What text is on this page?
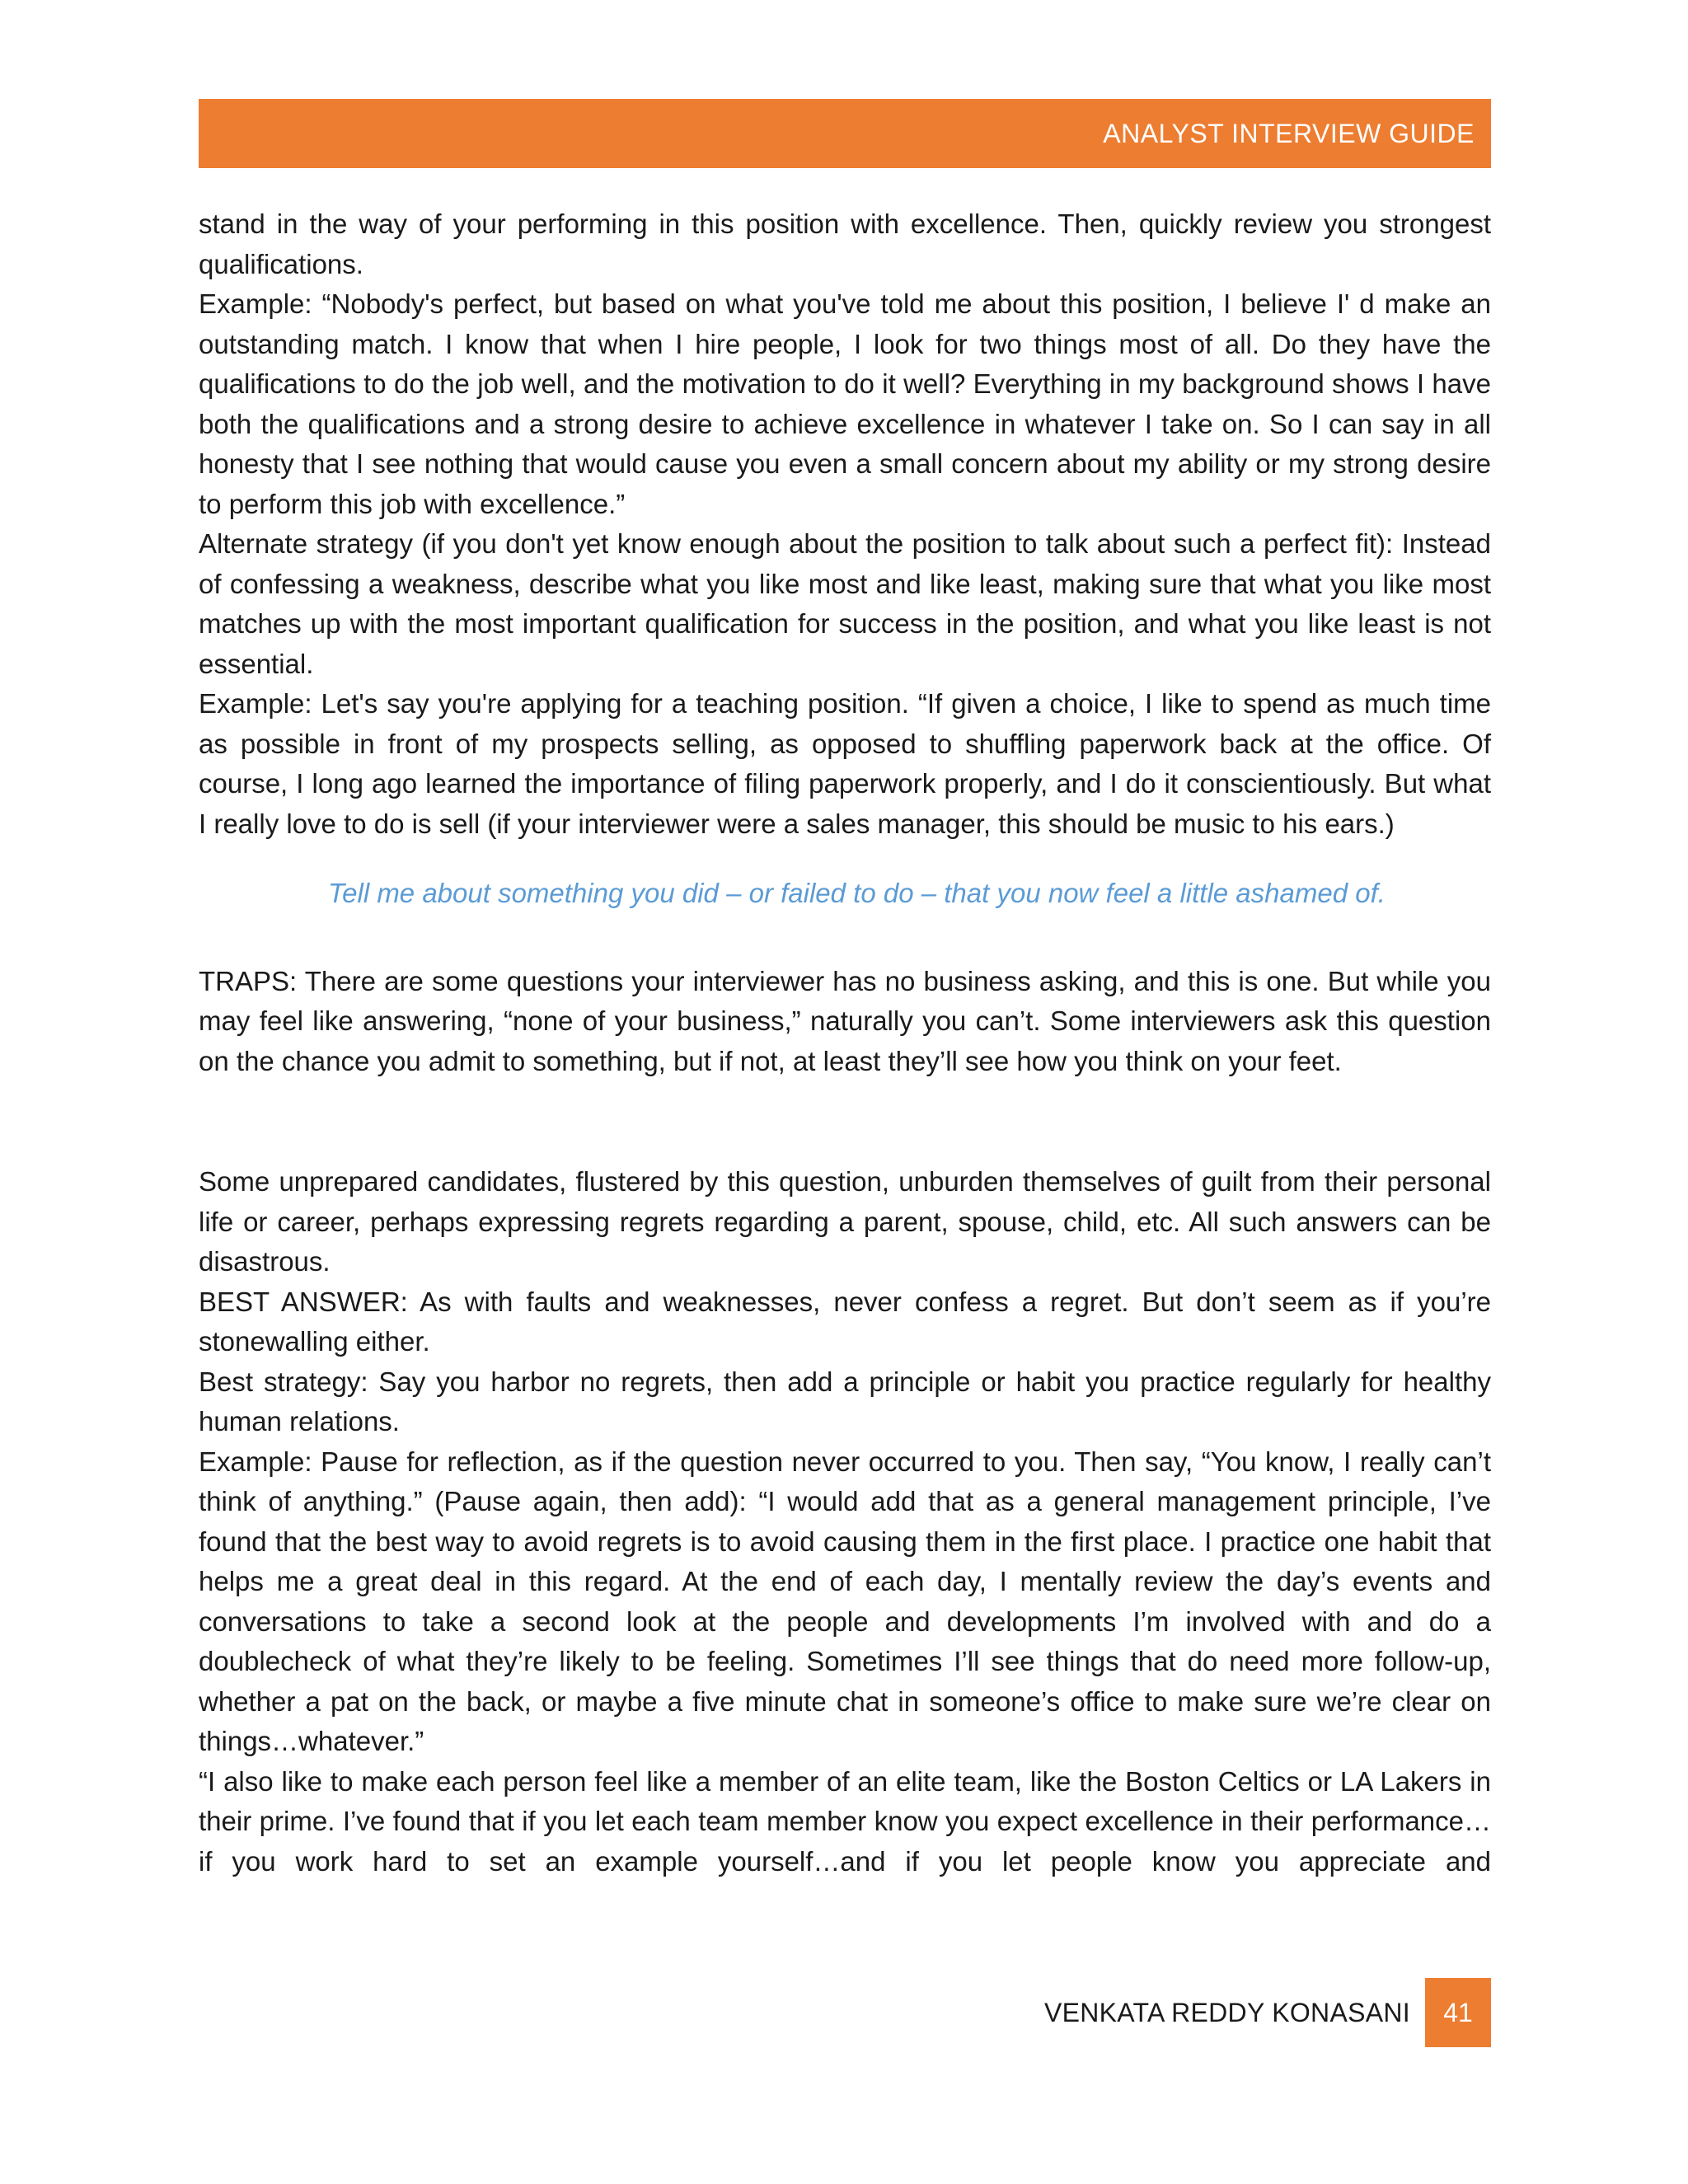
ANALYST INTERVIEW GUIDE

stand in the way of your performing in this position with excellence. Then, quickly review you strongest qualifications.

Example: “Nobody's perfect, but based on what you've told me about this position, I believe I' d make an outstanding match. I know that when I hire people, I look for two things most of all. Do they have the qualifications to do the job well, and the motivation to do it well? Everything in my background shows I have both the qualifications and a strong desire to achieve excellence in whatever I take on. So I can say in all honesty that I see nothing that would cause you even a small concern about my ability or my strong desire to perform this job with excellence.”

Alternate strategy (if you don't yet know enough about the position to talk about such a perfect fit): Instead of confessing a weakness, describe what you like most and like least, making sure that what you like most matches up with the most important qualification for success in the position, and what you like least is not essential.

Example: Let's say you're applying for a teaching position. “If given a choice, I like to spend as much time as possible in front of my prospects selling, as opposed to shuffling paperwork back at the office. Of course, I long ago learned the importance of filing paperwork properly, and I do it conscientiously. But what I really love to do is sell (if your interviewer were a sales manager, this should be music to his ears.)

Tell me about something you did – or failed to do – that you now feel a little ashamed of.

TRAPS: There are some questions your interviewer has no business asking, and this is one. But while you may feel like answering, “none of your business,” naturally you can’t. Some interviewers ask this question on the chance you admit to something, but if not, at least they’ll see how you think on your feet.

Some unprepared candidates, flustered by this question, unburden themselves of guilt from their personal life or career, perhaps expressing regrets regarding a parent, spouse, child, etc. All such answers can be disastrous.

BEST ANSWER: As with faults and weaknesses, never confess a regret. But don’t seem as if you’re stonewalling either.

Best strategy: Say you harbor no regrets, then add a principle or habit you practice regularly for healthy human relations.

Example: Pause for reflection, as if the question never occurred to you. Then say, “You know, I really can’t think of anything.” (Pause again, then add): “I would add that as a general management principle, I’ve found that the best way to avoid regrets is to avoid causing them in the first place. I practice one habit that helps me a great deal in this regard. At the end of each day, I mentally review the day’s events and conversations to take a second look at the people and developments I’m involved with and do a doublecheck of what they’re likely to be feeling. Sometimes I’ll see things that do need more follow-up, whether a pat on the back, or maybe a five minute chat in someone’s office to make sure we’re clear on things…whatever.”

“I also like to make each person feel like a member of an elite team, like the Boston Celtics or LA Lakers in their prime. I’ve found that if you let each team member know you expect excellence in their performance…if you work hard to set an example yourself…and if you let people know you appreciate and

VENKATA REDDY KONASANI	41
